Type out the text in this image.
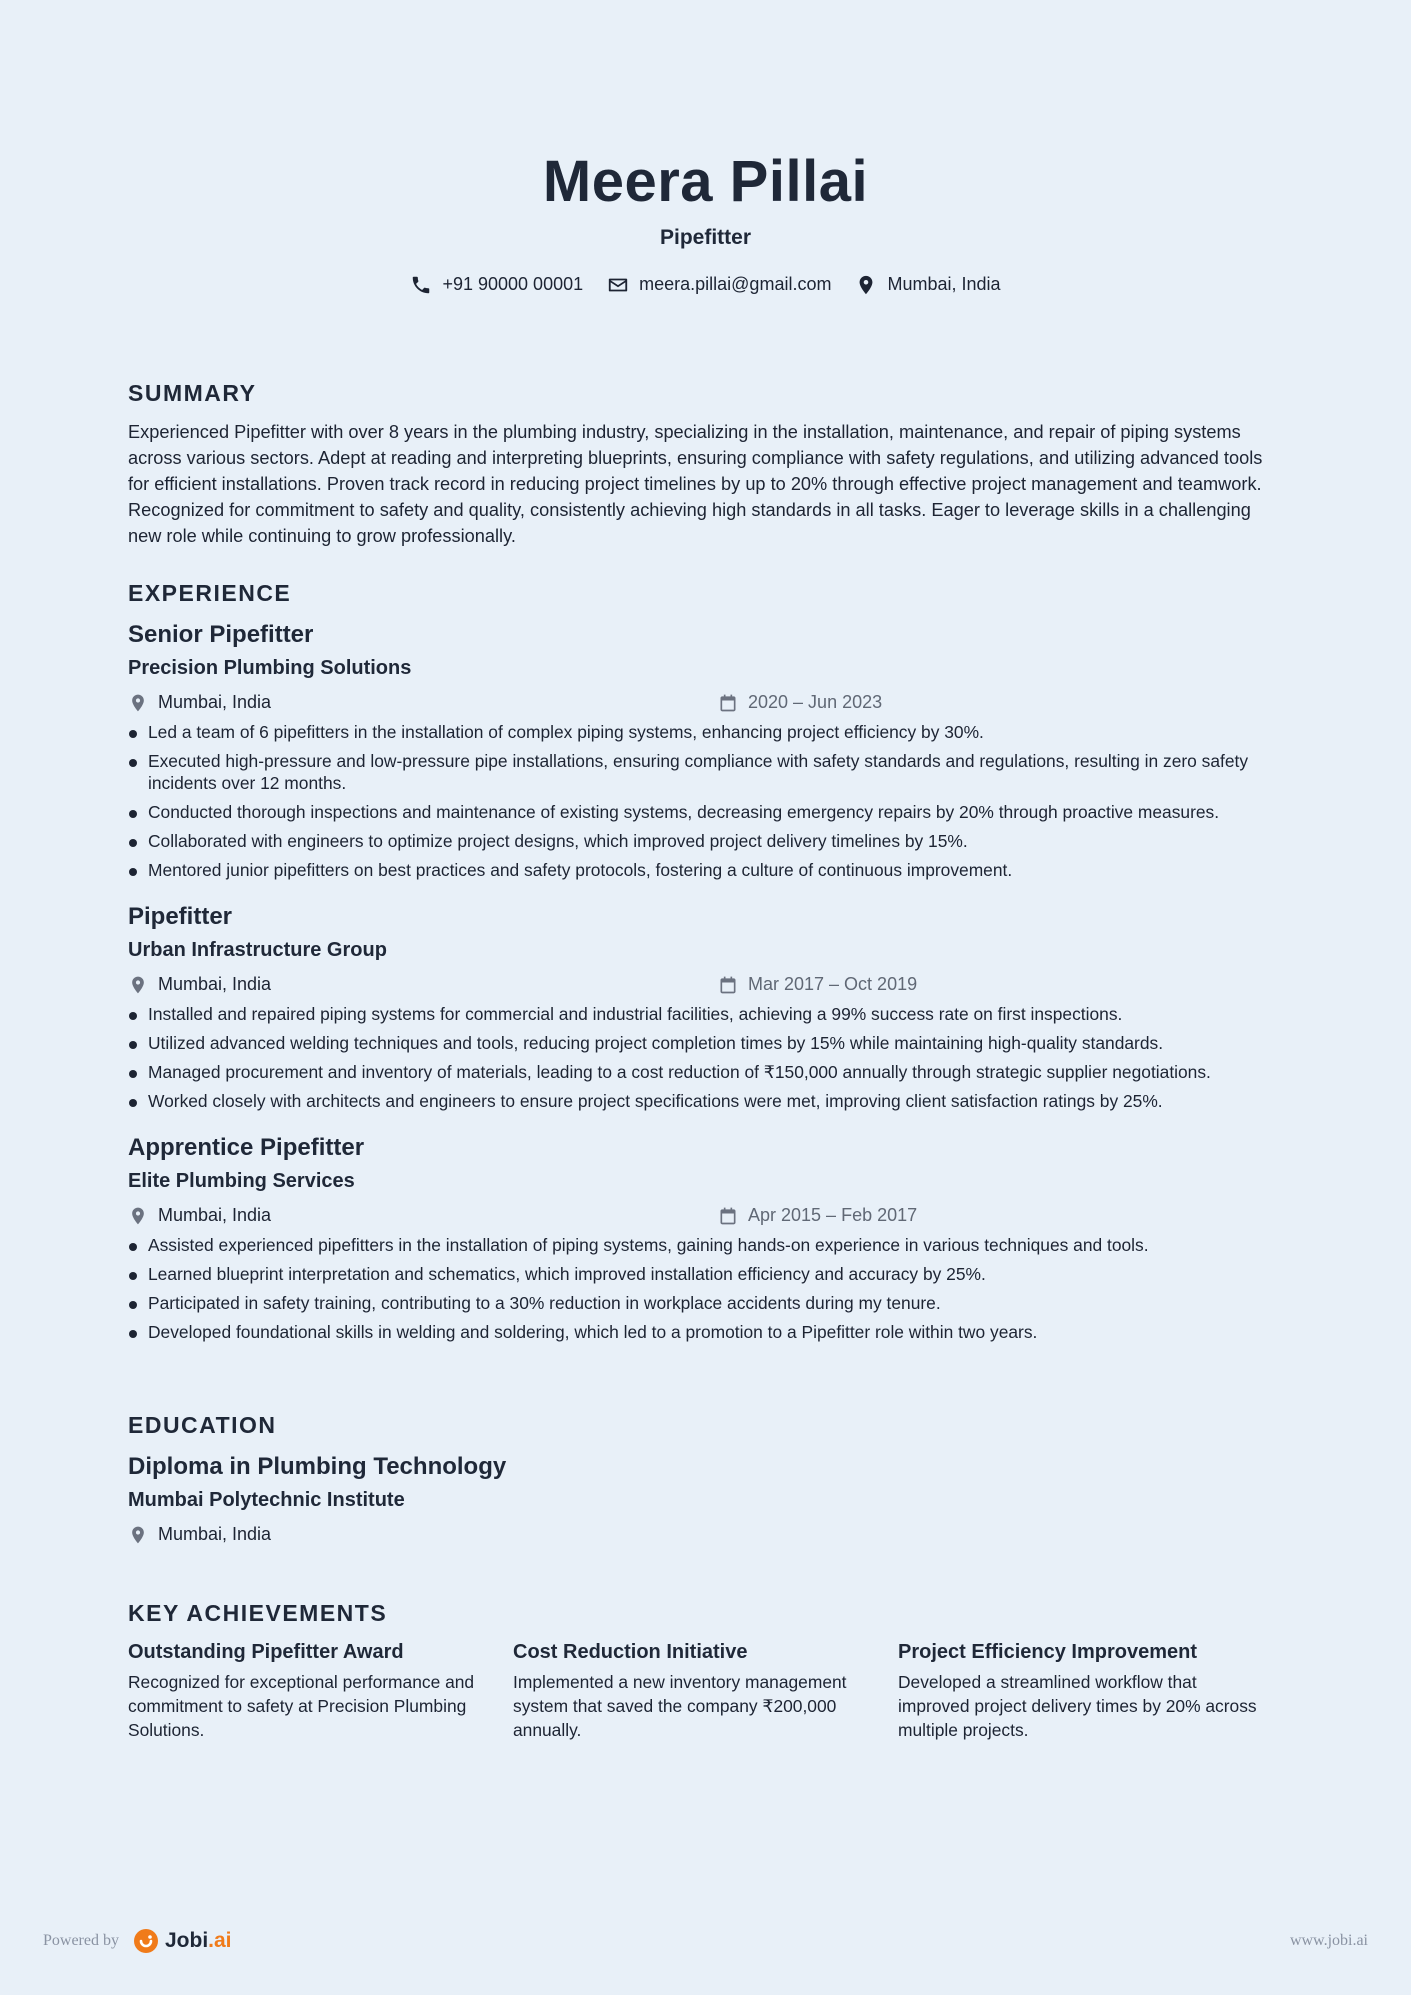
Meera Pillai
Pipefitter
+91 90000 00001	meera.pillai@gmail.com	Mumbai, India
SUMMARY

Experienced Pipefitter with over 8 years in the plumbing industry, specializing in the installation, maintenance, and repair of piping systems across various sectors. Adept at reading and interpreting blueprints, ensuring compliance with safety regulations, and utilizing advanced tools for efficient installations. Proven track record in reducing project timelines by up to 20% through effective project management and teamwork. Recognized for commitment to safety and quality, consistently achieving high standards in all tasks. Eager to leverage skills in a challenging new role while continuing to grow professionally.

EXPERIENCE
Senior Pipefitter
Precision Plumbing Solutions
Mumbai, India	2020 – Jun 2023
Led a team of 6 pipefitters in the installation of complex piping systems, enhancing project efficiency by 30%.
Executed high-pressure and low-pressure pipe installations, ensuring compliance with safety standards and regulations, resulting in zero safety incidents over 12 months.
Conducted thorough inspections and maintenance of existing systems, decreasing emergency repairs by 20% through proactive measures.
Collaborated with engineers to optimize project designs, which improved project delivery timelines by 15%.
Mentored junior pipefitters on best practices and safety protocols, fostering a culture of continuous improvement.
Pipefitter
Urban Infrastructure Group
Mumbai, India	Mar 2017 – Oct 2019
Installed and repaired piping systems for commercial and industrial facilities, achieving a 99% success rate on first inspections.
Utilized advanced welding techniques and tools, reducing project completion times by 15% while maintaining high-quality standards.
Managed procurement and inventory of materials, leading to a cost reduction of ₹150,000 annually through strategic supplier negotiations.
Worked closely with architects and engineers to ensure project specifications were met, improving client satisfaction ratings by 25%.
Apprentice Pipefitter
Elite Plumbing Services
Mumbai, India	Apr 2015 – Feb 2017
Assisted experienced pipefitters in the installation of piping systems, gaining hands-on experience in various techniques and tools.
Learned blueprint interpretation and schematics, which improved installation efficiency and accuracy by 25%.
Participated in safety training, contributing to a 30% reduction in workplace accidents during my tenure.
Developed foundational skills in welding and soldering, which led to a promotion to a Pipefitter role within two years.
EDUCATION
Diploma in Plumbing Technology
Mumbai Polytechnic Institute
Mumbai, India
KEY ACHIEVEMENTS
Outstanding Pipefitter Award
Recognized for exceptional performance and commitment to safety at Precision Plumbing Solutions.
Cost Reduction Initiative
Implemented a new inventory management system that saved the company ₹200,000 annually.
Project Efficiency Improvement
Developed a streamlined workflow that improved project delivery times by 20% across multiple projects.
Powered by Jobi .ai	www.jobi.ai
